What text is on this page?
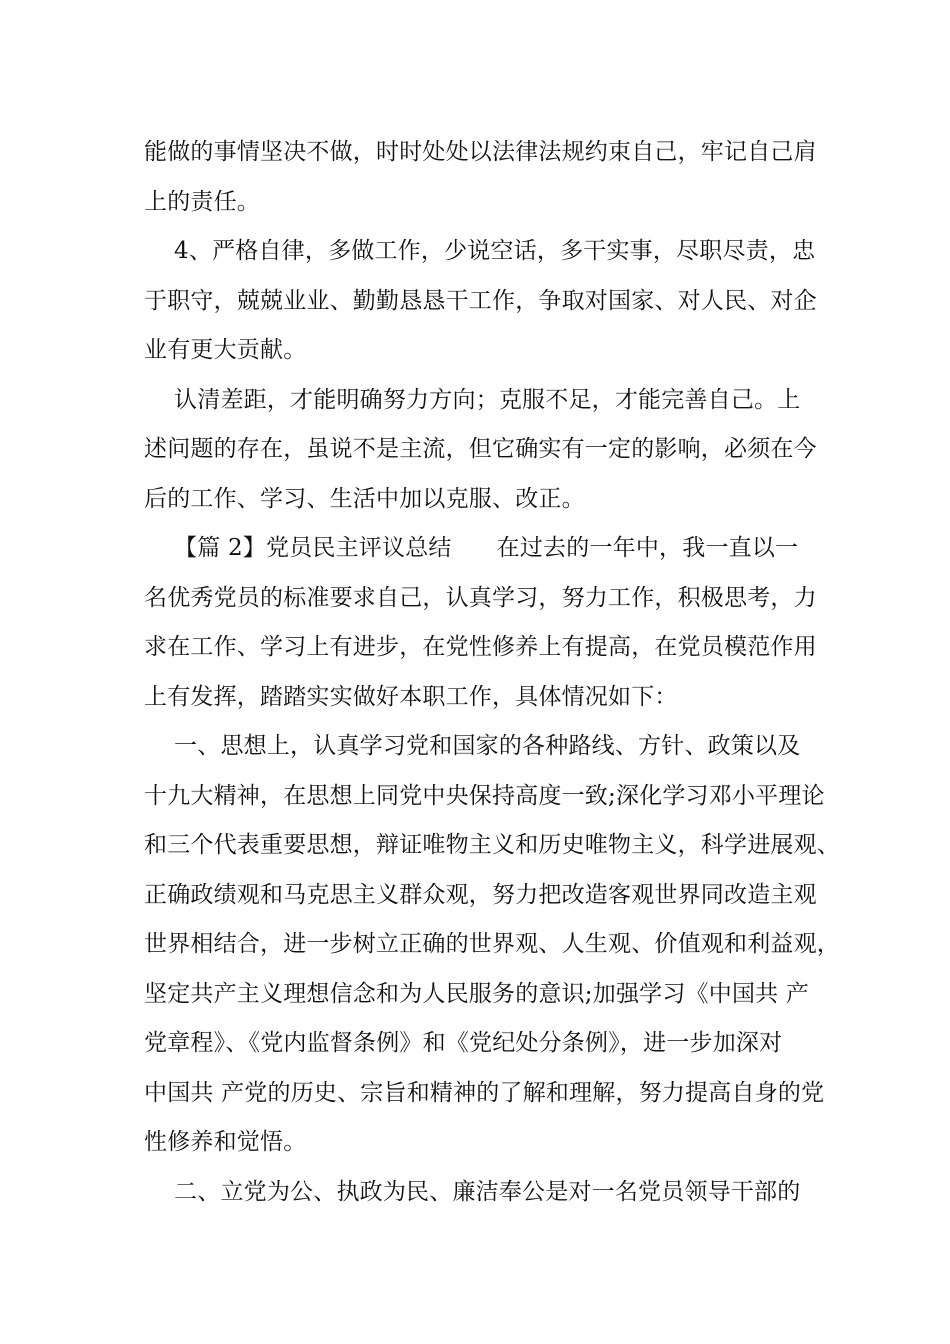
能做的事情坚决不做，时时处处以法律法规约束自己，牢记自己肩
上的责任。
4、严格自律，多做工作，少说空话，多干实事，尽职尽责，忠
于职守，兢兢业业、勤勤恳恳干工作，争取对国家、对人民、对企
业有更大贡献。
认清差距，才能明确努力方向；克服不足，才能完善自己。上
述问题的存在，虽说不是主流，但它确实有一定的影响，必须在今
后的工作、学习、生活中加以克服、改正。
【篇 2】党员民主评议总结      在过去的一年中，我一直以一
名优秀党员的标准要求自己，认真学习，努力工作，积极思考，力
求在工作、学习上有进步，在党性修养上有提高，在党员模范作用
上有发挥，踏踏实实做好本职工作，具体情况如下：
一、思想上，认真学习党和国家的各种路线、方针、政策以及
十九大精神，在思想上同党中央保持高度一致;深化学习邓小平理论
和三个代表重要思想，辩证唯物主义和历史唯物主义，科学进展观、
正确政绩观和马克思主义群众观，努力把改造客观世界同改造主观
世界相结合，进一步树立正确的世界观、人生观、价值观和利益观，
坚定共产主义理想信念和为人民服务的意识;加强学习《中国共 产
党章程》、《党内监督条例》和《党纪处分条例》，进一步加深对
中国共 产党的历史、宗旨和精神的了解和理解，努力提高自身的党
性修养和觉悟。
二、立党为公、执政为民、廉洁奉公是对一名党员领导干部的
